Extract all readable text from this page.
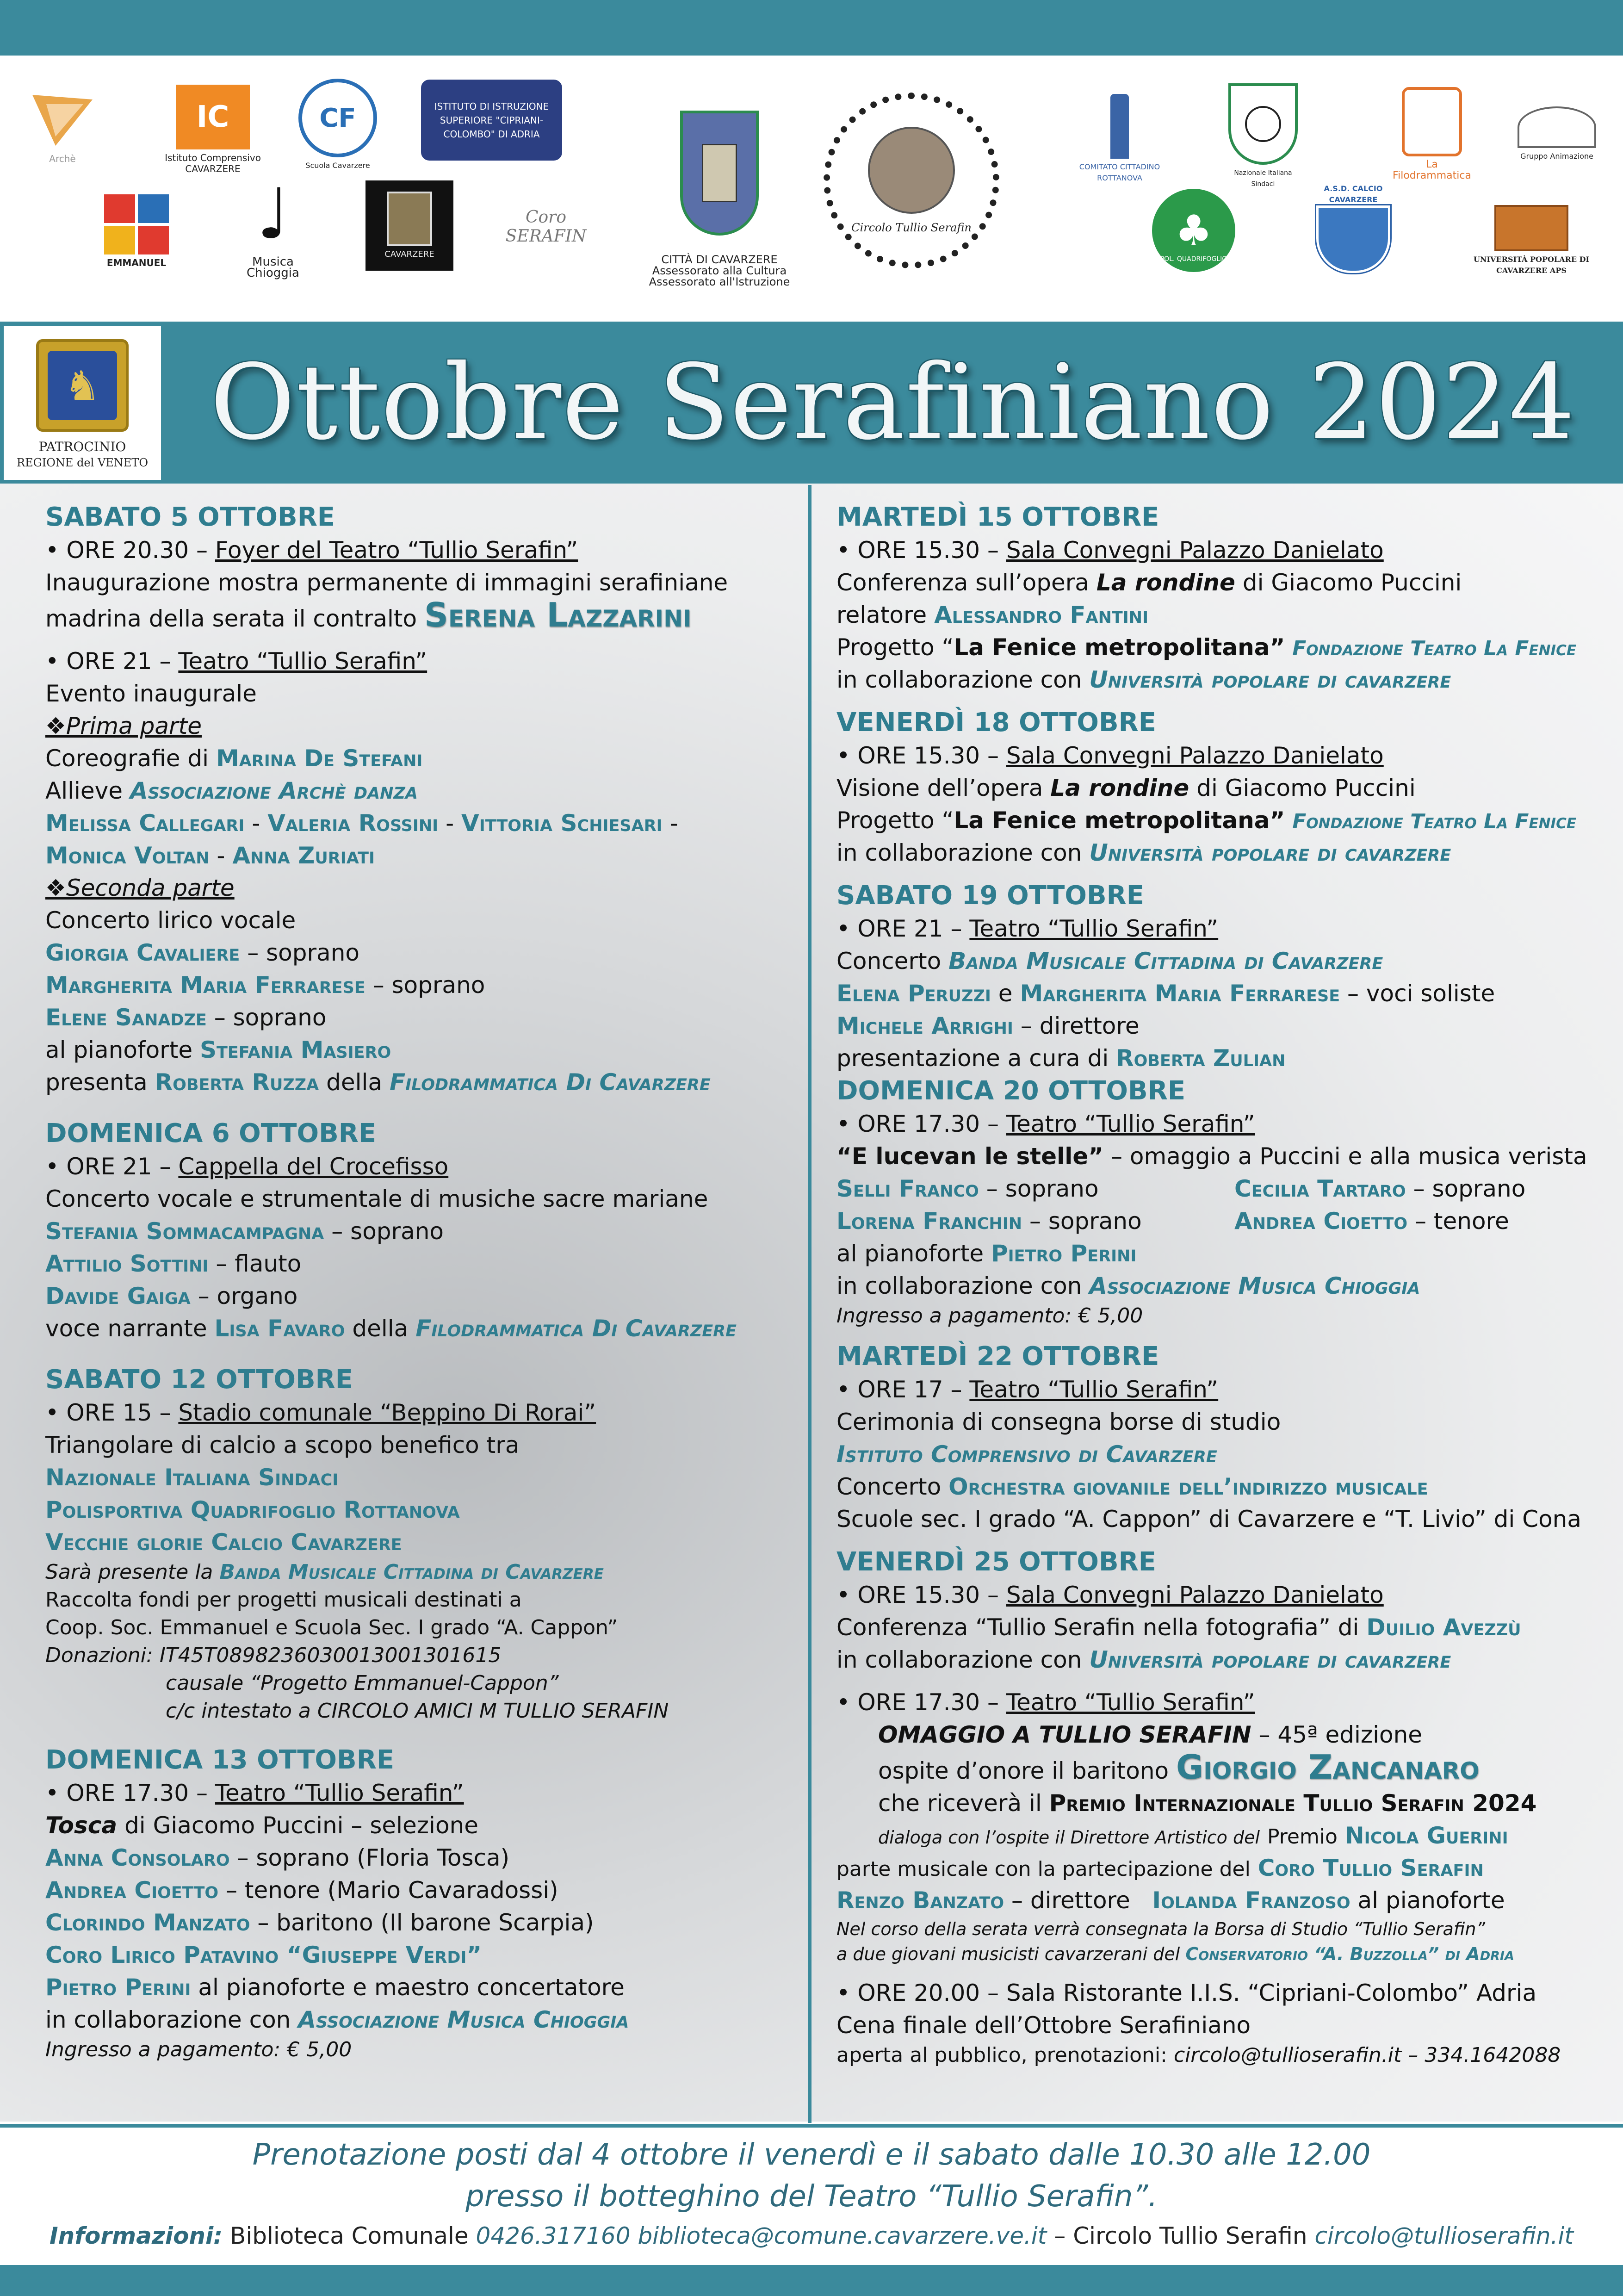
Archè
IC
Istituto Comprensivo CAVARZERE
CF
Scuola Cavarzere
ISTITUTO DI ISTRUZIONE SUPERIORE "CIPRIANI-COLOMBO" DI ADRIA
EMMANUEL
♩
Musica Chioggia
CAVARZERE
Coro SERAFIN
CITTÀ DI CAVARZERE
Assessorato alla Cultura
Assessorato all'Istruzione
Circolo Tullio Serafin
COMITATO CITTADINO ROTTANOVA
Nazionale Italiana Sindaci
La Filodrammatica
Gruppo Animazione
♣
POL. QUADRIFOGLIO
A.S.D. CALCIO CAVARZERE
UNIVERSITÀ POPOLARE DI CAVARZERE APS
♞
PATROCINIO
REGIONE del VENETO Ottobre Serafiniano 2024
SABATO 5 OTTOBRE
• ORE 20.30 – Foyer del Teatro “Tullio Serafin”
Inaugurazione mostra permanente di immagini serafiniane
madrina della serata il contralto Serena Lazzarini
• ORE 21 – Teatro “Tullio Serafin”
Evento inaugurale
❖Prima parte
Coreografie di Marina De Stefani
Allieve Associazione Archè danza
Melissa Callegari - Valeria Rossini - Vittoria Schiesari -
Monica Voltan - Anna Zuriati
❖Seconda parte
Concerto lirico vocale
Giorgia Cavaliere – soprano
Margherita Maria Ferrarese – soprano
Elene Sanadze – soprano
al pianoforte Stefania Masiero
presenta Roberta Ruzza della Filodrammatica Di Cavarzere
DOMENICA 6 OTTOBRE
• ORE 21 – Cappella del Crocefisso
Concerto vocale e strumentale di musiche sacre mariane
Stefania Sommacampagna – soprano
Attilio Sottini – flauto
Davide Gaiga – organo
voce narrante Lisa Favaro della Filodrammatica Di Cavarzere
SABATO 12 OTTOBRE
• ORE 15 – Stadio comunale “Beppino Di Rorai”
Triangolare di calcio a scopo benefico tra
Nazionale Italiana Sindaci
Polisportiva Quadrifoglio Rottanova
Vecchie glorie Calcio Cavarzere
Sarà presente la Banda Musicale Cittadina di Cavarzere
Raccolta fondi per progetti musicali destinati a
Coop. Soc. Emmanuel e Scuola Sec. I grado “A. Cappon”
Donazioni: IT45T0898236030013001301615
causale “Progetto Emmanuel-Cappon”
c/c intestato a CIRCOLO AMICI M TULLIO SERAFIN
DOMENICA 13 OTTOBRE
• ORE 17.30 – Teatro “Tullio Serafin”
Tosca di Giacomo Puccini – selezione
Anna Consolaro – soprano (Floria Tosca)
Andrea Cioetto – tenore (Mario Cavaradossi)
Clorindo Manzato – baritono (Il barone Scarpia)
Coro Lirico Patavino “Giuseppe Verdi”
Pietro Perini al pianoforte e maestro concertatore
in collaborazione con Associazione Musica Chioggia
Ingresso a pagamento: € 5,00
MARTEDÌ 15 OTTOBRE
• ORE 15.30 – Sala Convegni Palazzo Danielato
Conferenza sull’opera La rondine di Giacomo Puccini
relatore Alessandro Fantini
Progetto “La Fenice metropolitana” Fondazione Teatro La Fenice
in collaborazione con Università popolare di cavarzere
VENERDÌ 18 OTTOBRE
• ORE 15.30 – Sala Convegni Palazzo Danielato
Visione dell’opera La rondine di Giacomo Puccini
Progetto “La Fenice metropolitana” Fondazione Teatro La Fenice
in collaborazione con Università popolare di cavarzere
SABATO 19 OTTOBRE
• ORE 21 – Teatro “Tullio Serafin”
Concerto Banda Musicale Cittadina di Cavarzere
Elena Peruzzi e Margherita Maria Ferrarese – voci soliste
Michele Arrighi – direttore
presentazione a cura di Roberta Zulian
DOMENICA 20 OTTOBRE
• ORE 17.30 – Teatro “Tullio Serafin”
“E lucevan le stelle” – omaggio a Puccini e alla musica verista
Selli Franco – soprano	Cecilia Tartaro – soprano
Lorena Franchin – soprano	Andrea Cioetto – tenore
al pianoforte Pietro Perini
in collaborazione con Associazione Musica Chioggia
Ingresso a pagamento: € 5,00
MARTEDÌ 22 OTTOBRE
• ORE 17 – Teatro “Tullio Serafin”
Cerimonia di consegna borse di studio
Istituto Comprensivo di Cavarzere
Concerto Orchestra giovanile dell’indirizzo musicale
Scuole sec. I grado “A. Cappon” di Cavarzere e “T. Livio” di Cona
VENERDÌ 25 OTTOBRE
• ORE 15.30 – Sala Convegni Palazzo Danielato
Conferenza “Tullio Serafin nella fotografia” di Duilio Avezzù
in collaborazione con Università popolare di cavarzere
• ORE 17.30 – Teatro “Tullio Serafin”
OMAGGIO A TULLIO SERAFIN – 45ª edizione
ospite d’onore il baritono Giorgio Zancanaro
che riceverà il Premio Internazionale Tullio Serafin 2024
dialoga con l’ospite il Direttore Artistico del Premio Nicola Guerini
parte musicale con la partecipazione del Coro Tullio Serafin
Renzo Banzato – direttore Iolanda Franzoso al pianoforte
Nel corso della serata verrà consegnata la Borsa di Studio “Tullio Serafin”
a due giovani musicisti cavarzerani del Conservatorio “A. Buzzolla” di Adria
• ORE 20.00 – Sala Ristorante I.I.S. “Cipriani-Colombo” Adria
Cena finale dell’Ottobre Serafiniano
aperta al pubblico, prenotazioni: circolo@tullioserafin.it – 334.1642088
Prenotazione posti dal 4 ottobre il venerdì e il sabato dalle 10.30 alle 12.00
presso il botteghino del Teatro “Tullio Serafin”.
Informazioni: Biblioteca Comunale 0426.317160 biblioteca@comune.cavarzere.ve.it – Circolo Tullio Serafin circolo@tullioserafin.it
